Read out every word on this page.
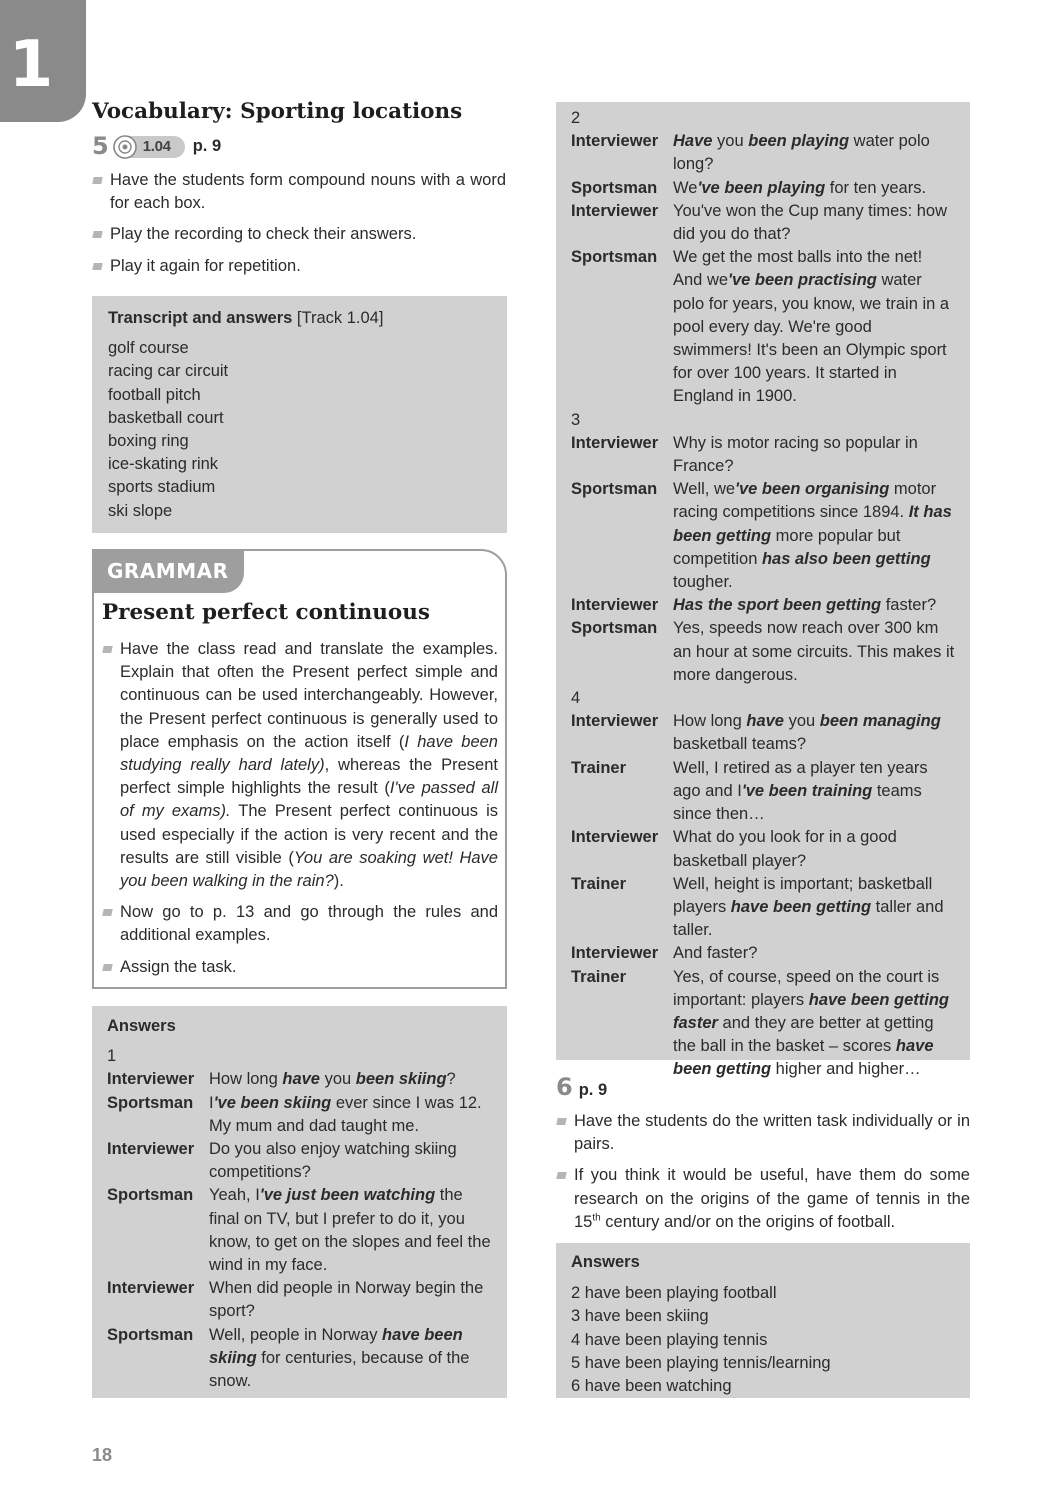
1
Vocabulary: Sporting locations
5 1.04 p. 9
Have the students form compound nouns with a word for each box.
Play the recording to check their answers.
Play it again for repetition.
Transcript and answers [Track 1.04]
golf course
racing car circuit
football pitch
basketball court
boxing ring
ice-skating rink
sports stadium
ski slope
GRAMMAR
Present perfect continuous
Have the class read and translate the examples. Explain that often the Present perfect simple and continuous can be used interchangeably. However, the Present perfect continuous is generally used to place emphasis on the action itself (I have been studying really hard lately), whereas the Present perfect simple highlights the result (I've passed all of my exams). The Present perfect continuous is used especially if the action is very recent and the results are still visible (You are soaking wet! Have you been walking in the rain?).
Now go to p. 13 and go through the rules and additional examples.
Assign the task.
Answers
1
Interviewer How long have you been skiing?
Sportsman I've been skiing ever since I was 12. My mum and dad taught me.
Interviewer Do you also enjoy watching skiing competitions?
Sportsman Yeah, I've just been watching the final on TV, but I prefer to do it, you know, to get on the slopes and feel the wind in my face.
Interviewer When did people in Norway begin the sport?
Sportsman Well, people in Norway have been skiing for centuries, because of the snow.
2
Interviewer Have you been playing water polo long?
Sportsman We've been playing for ten years.
Interviewer You've won the Cup many times: how did you do that?
Sportsman We get the most balls into the net! And we've been practising water polo for years, you know, we train in a pool every day. We're good swimmers! It's been an Olympic sport for over 100 years. It started in England in 1900.
3
Interviewer Why is motor racing so popular in France?
Sportsman Well, we've been organising motor racing competitions since 1894. It has been getting more popular but competition has also been getting tougher.
Interviewer Has the sport been getting faster?
Sportsman Yes, speeds now reach over 300 km an hour at some circuits. This makes it more dangerous.
4
Interviewer How long have you been managing basketball teams?
Trainer	Well, I retired as a player ten years ago and I've been training teams since then…
Interviewer What do you look for in a good basketball player?
Trainer	Well, height is important; basketball players have been getting taller and taller.
Interviewer And faster?
Trainer	Yes, of course, speed on the court is important: players have been getting faster and they are better at getting the ball in the basket – scores have been getting higher and higher…
6 p. 9
Have the students do the written task individually or in pairs.
If you think it would be useful, have them do some research on the origins of the game of tennis in the 15th century and/or on the origins of football.
Answers
2 have been playing football
3 have been skiing
4 have been playing tennis
5 have been playing tennis/learning
6 have been watching
18
